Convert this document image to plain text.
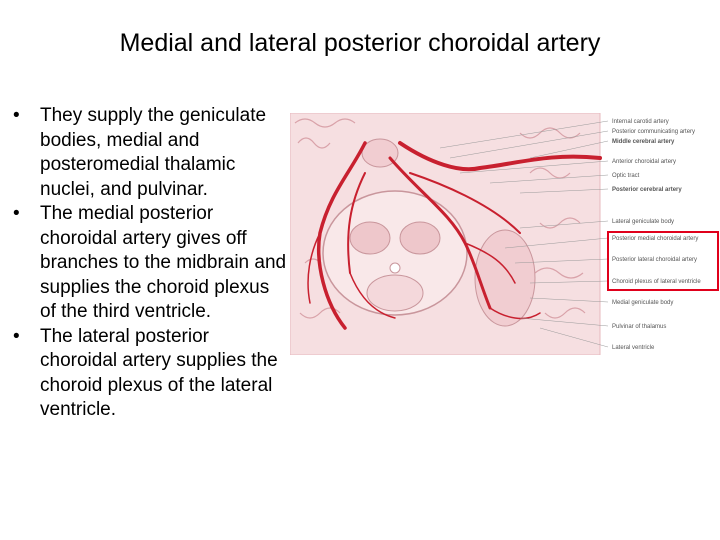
Medial and lateral posterior choroidal artery
• They supply the geniculate bodies, medial and posteromedial thalamic nuclei, and pulvinar.
• The medial posterior choroidal artery gives off branches to the midbrain and supplies the choroid plexus of the third ventricle.
• The lateral posterior choroidal artery supplies the choroid plexus of the lateral ventricle.
Internal carotid artery
Posterior communicating artery
Middle cerebral artery
Anterior choroidal artery
Optic tract
Posterior cerebral artery
Lateral geniculate body
Posterior medial choroidal artery
Posterior lateral choroidal artery
Choroid plexus of lateral ventricle
Medial geniculate body
Pulvinar of thalamus
Lateral ventricle
